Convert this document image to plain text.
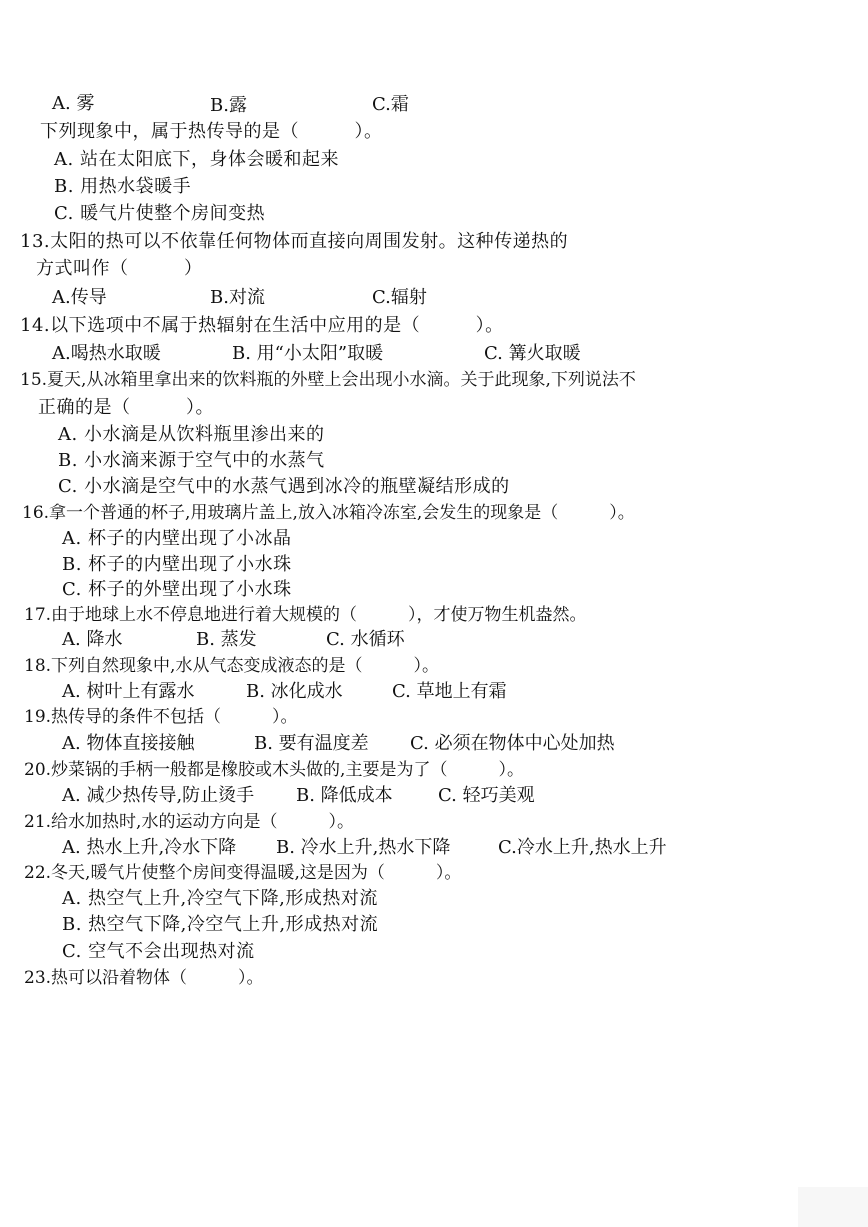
A. 雾	B.露	C.霜
下列现象中，属于热传导的是（　　　）。
A. 站在太阳底下，身体会暖和起来
B. 用热水袋暖手
C. 暖气片使整个房间变热
13.太阳的热可以不依靠任何物体而直接向周围发射。这种传递热的
方式叫作（　　　）
A.传导	B.对流	C.辐射
14.以下选项中不属于热辐射在生活中应用的是（　　　）。
A.喝热水取暖	B. 用“小太阳”取暖	C. 篝火取暖
15.夏天,从冰箱里拿出来的饮料瓶的外壁上会出现小水滴。关于此现象,下列说法不
正确的是（　　　）。
A. 小水滴是从饮料瓶里渗出来的
B. 小水滴来源于空气中的水蒸气
C. 小水滴是空气中的水蒸气遇到冰冷的瓶壁凝结形成的
16.拿一个普通的杯子,用玻璃片盖上,放入冰箱冷冻室,会发生的现象是（　　　）。
A. 杯子的内壁出现了小冰晶
B. 杯子的内壁出现了小水珠
C. 杯子的外壁出现了小水珠
17.由于地球上水不停息地进行着大规模的（　　　），才使万物生机盎然。
A. 降水	B. 蒸发	C. 水循环
18.下列自然现象中,水从气态变成液态的是（　　　）。
A. 树叶上有露水	B. 冰化成水	C. 草地上有霜
19.热传导的条件不包括（　　　）。
A. 物体直接接触	B. 要有温度差 C. 必须在物体中心处加热
20.炒菜锅的手柄一般都是橡胶或木头做的,主要是为了（　　　）。
A. 减少热传导,防止烫手 B. 降低成本	C. 轻巧美观
21.给水加热时,水的运动方向是（　　　）。
A. 热水上升,冷水下降 B. 冷水上升,热水下降	C.冷水上升,热水上升
22.冬天,暖气片使整个房间变得温暖,这是因为（　　　）。
A. 热空气上升,冷空气下降,形成热对流
B. 热空气下降,冷空气上升,形成热对流
C. 空气不会出现热对流
23.热可以沿着物体（　　　）。
